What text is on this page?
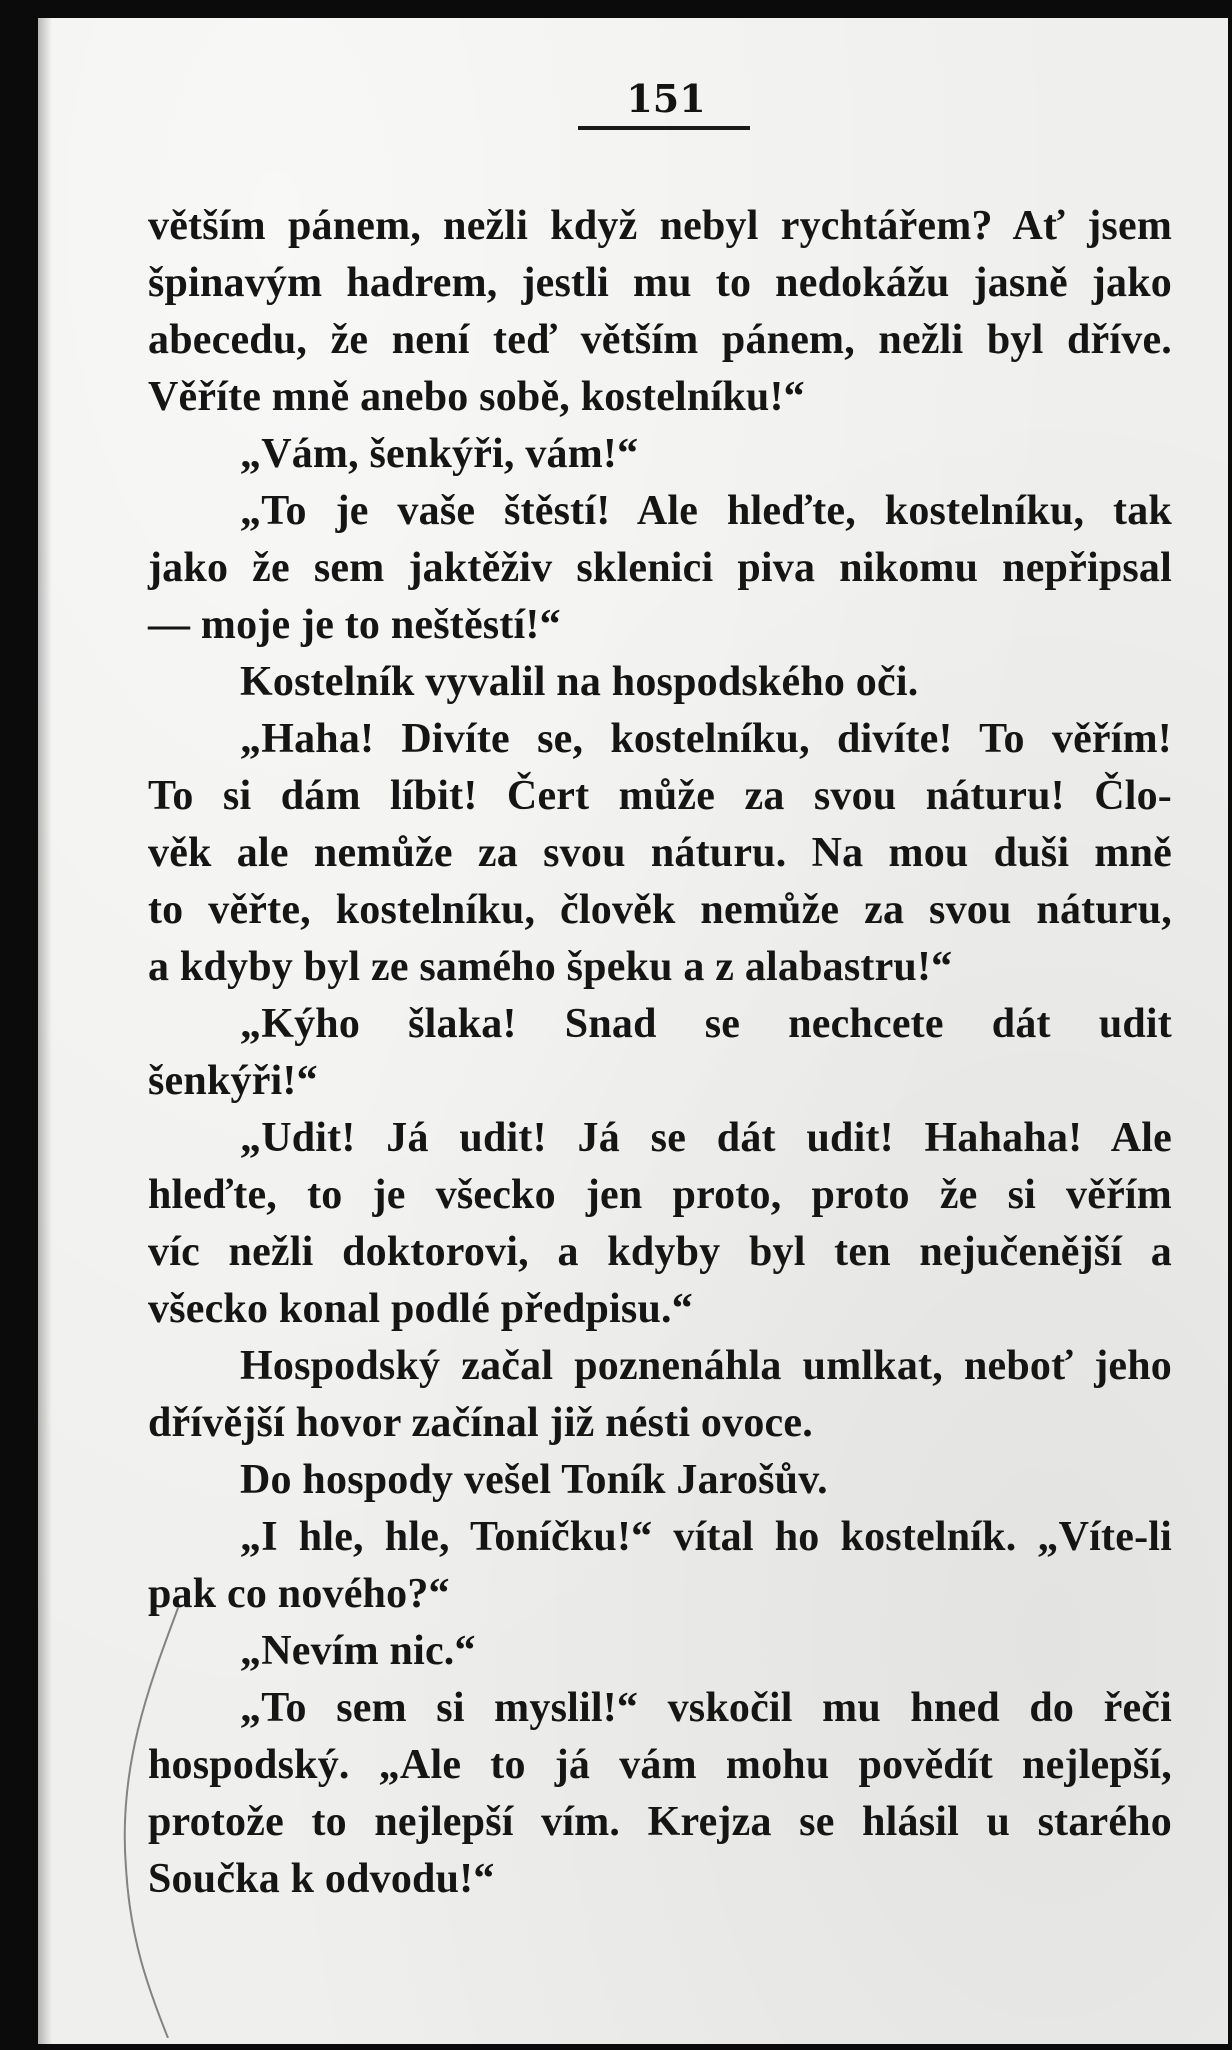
151
větším pánem, nežli když nebyl rychtářem? Ať jsem
špinavým hadrem, jestli mu to nedokážu jasně jako
abecedu, že není teď větším pánem, nežli byl dříve.
Věříte mně anebo sobě, kostelníku!“
„Vám, šenkýři, vám!“
„To je vaše štěstí! Ale hleďte, kostelníku, tak
jako že sem jaktěživ sklenici piva nikomu nepřipsal
— moje je to neštěstí!“
Kostelník vyvalil na hospodského oči.
„Haha! Divíte se, kostelníku, divíte! To věřím!
To si dám líbit! Čert může za svou náturu! Člo-
věk ale nemůže za svou náturu. Na mou duši mně
to věřte, kostelníku, člověk nemůže za svou náturu,
a kdyby byl ze samého špeku a z alabastru!“
„Kýho šlaka! Snad se nechcete dát udit
šenkýři!“
„Udit! Já udit! Já se dát udit! Hahaha! Ale
hleďte, to je všecko jen proto, proto že si věřím
víc nežli doktorovi, a kdyby byl ten nejučenější a
všecko konal podlé předpisu.“
Hospodský začal poznenáhla umlkat, neboť jeho
dřívější hovor začínal již nésti ovoce.
Do hospody vešel Toník Jarošův.
„I hle, hle, Toníčku!“ vítal ho kostelník. „Víte-li
pak co nového?“
„Nevím nic.“
„To sem si myslil!“ vskočil mu hned do řeči
hospodský. „Ale to já vám mohu povědít nejlepší,
protože to nejlepší vím. Krejza se hlásil u starého
Součka k odvodu!“
